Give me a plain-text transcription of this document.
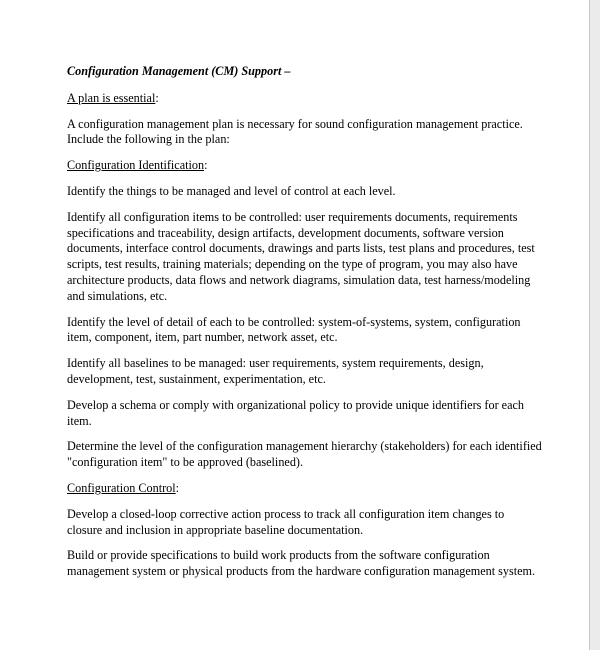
Configuration Management (CM) Support –
A plan is essential:

A configuration management plan is necessary for sound configuration management practice. Include the following in the plan:

Configuration Identification:

Identify the things to be managed and level of control at each level.

Identify all configuration items to be controlled: user requirements documents, requirements specifications and traceability, design artifacts, development documents, software version documents, interface control documents, drawings and parts lists, test plans and procedures, test scripts, test results, training materials; depending on the type of program, you may also have architecture products, data flows and network diagrams, simulation data, test harness/modeling and simulations, etc.

Identify the level of detail of each to be controlled: system-of-systems, system, configuration item, component, item, part number, network asset, etc.

Identify all baselines to be managed: user requirements, system requirements, design, development, test, sustainment, experimentation, etc.

Develop a schema or comply with organizational policy to provide unique identifiers for each item.

Determine the level of the configuration management hierarchy (stakeholders) for each identified "configuration item" to be approved (baselined).

Configuration Control:

Develop a closed-loop corrective action process to track all configuration item changes to closure and inclusion in appropriate baseline documentation.

Build or provide specifications to build work products from the software configuration management system or physical products from the hardware configuration management system.
